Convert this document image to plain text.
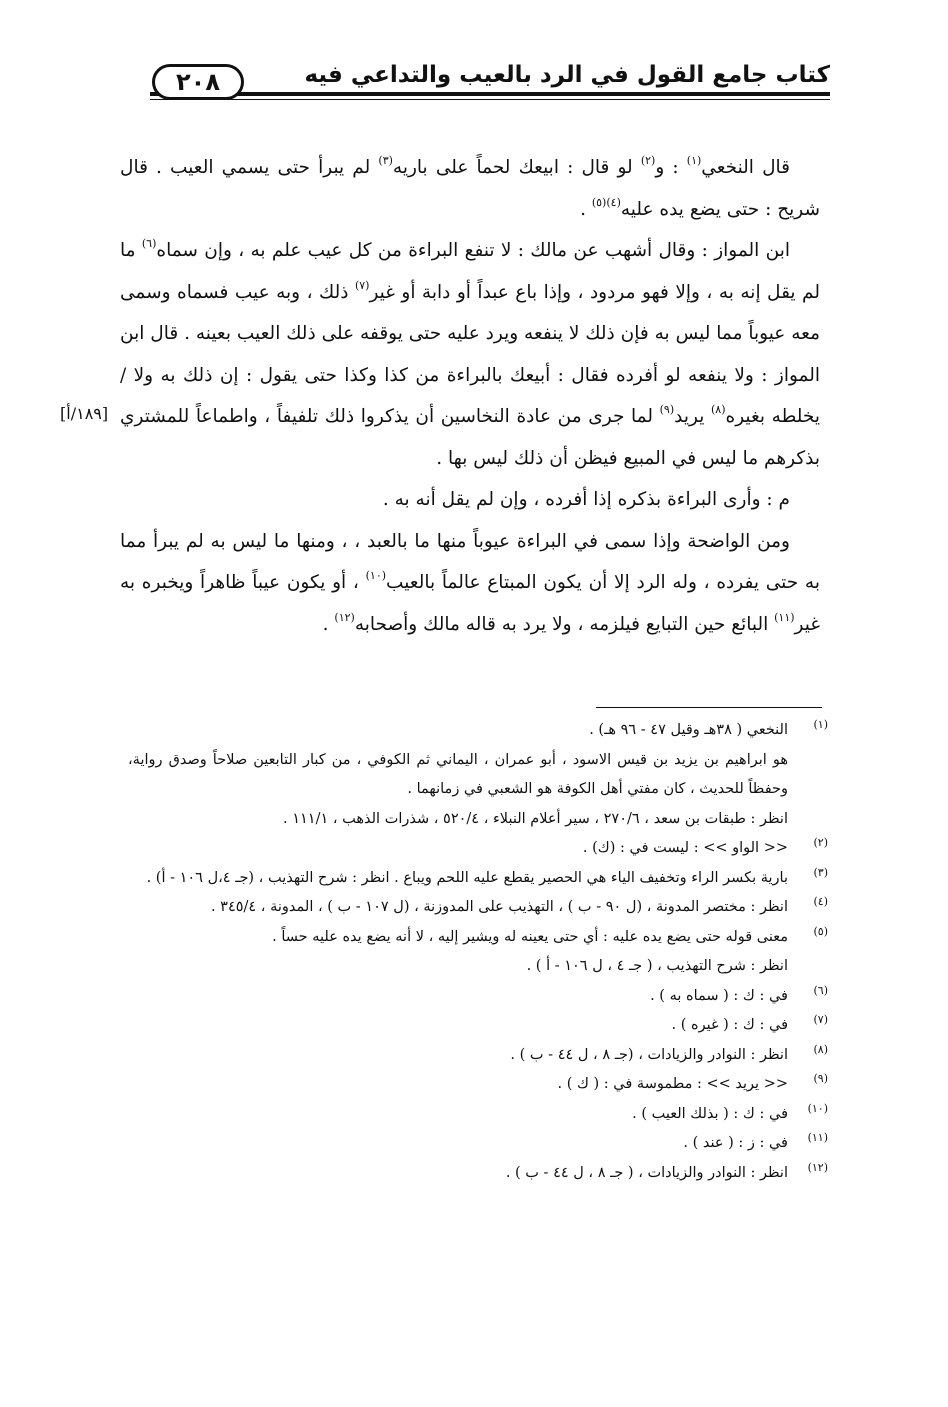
كتاب جامع القول في الرد بالعيب والتداعي فيه
٢٠٨

قال النخعي$^{(١)}$ : و$^{(٢)}$ لو قال : ابيعك لحماً على باريه$^{(٣)}$ لم يبرأ حتى يسمي العيب . قال شريح : حتى يضع يده عليه$^{(٤)(٥)}$ .

ابن المواز : وقال أشهب عن مالك : لا تنفع البراءة من كل عيب علم به ، وإن سماه$^{(٦)}$ ما لم يقل إنه به ، وإلا فهو مردود ، وإذا باع عبداً أو دابة أو غير$^{(٧)}$ ذلك ، وبه عيب فسماه وسمى معه عيوباً مما ليس به فإن ذلك لا ينفعه ويرد عليه حتى يوقفه على ذلك العيب بعينه . قال ابن المواز : ولا ينفعه لو أفرده فقال : أبيعك بالبراءة من كذا وكذا حتى يقول : إن ذلك به ولا / يخلطه بغيره$^{(٨)}$ يريد$^{(٩)}$ لما جرى من عادة النخاسين أن يذكروا ذلك تلفيفاً ، واطماعاً للمشتري بذكرهم ما ليس في المبيع فيظن أن ذلك ليس بها .

م : وأرى البراءة بذكره إذا أفرده ، وإن لم يقل أنه به .

ومن الواضحة وإذا سمى في البراءة عيوباً منها ما بالعبد ، ، ومنها ما ليس به لم يبرأ مما به حتى يفرده ، وله الرد إلا أن يكون المبتاع عالماً بالعيب$^{(١٠)}$ ، أو يكون عيباً ظاهراً ويخبره به غير$^{(١١)}$ البائع حين التبايع فيلزمه ، ولا يرد به قاله مالك وأصحابه$^{(١٢)}$ .

[١٨٩/أ]
(١)
النخعي ( ٣٨هـ وقيل ٤٧ - ٩٦ هـ) .
هو ابراهيم بن يزيد بن قيس الاسود ، أبو عمران ، اليماني ثم الكوفي ، من كبار التابعين صلاحاً وصدق رواية، وحفظاً للحديث ، كان مفتي أهل الكوفة هو الشعبي في زمانهما .
انظر : طبقات بن سعد ، ٢٧٠/٦ ، سير أعلام النبلاء ، ٥٢٠/٤ ، شذرات الذهب ، ١١١/١ .
(٢)
<< الواو >> : ليست في : (ك) .
(٣)
بارية بكسر الراء وتخفيف الياء هي الحصير يقطع عليه اللحم ويباع . انظر : شرح التهذيب ، (جـ ٤،ل ١٠٦ - أ) .
(٤)
انظر : مختصر المدونة ، (ل ٩٠ - ب ) ، التهذيب على المدوزنة ، (ل ١٠٧ - ب ) ، المدونة ، ٣٤٥/٤ .
(٥)
معنى قوله حتى يضع يده عليه : أي حتى يعينه له ويشير إليه ، لا أنه يضع يده عليه حساً .
انظر : شرح التهذيب ، ( جـ ٤ ، ل ١٠٦ - أ ) .
(٦)
في : ك : ( سماه به ) .
(٧)
في : ك : ( غيره ) .
(٨)
انظر : النوادر والزيادات ، (جـ ٨ ، ل ٤٤ - ب ) .
(٩)
<< يريد >> : مطموسة في : ( ك ) .
(١٠)
في : ك : ( بذلك العيب ) .
(١١)
في : ز : ( عند ) .
(١٢)
انظر : النوادر والزيادات ، ( جـ ٨ ، ل ٤٤ - ب ) .
